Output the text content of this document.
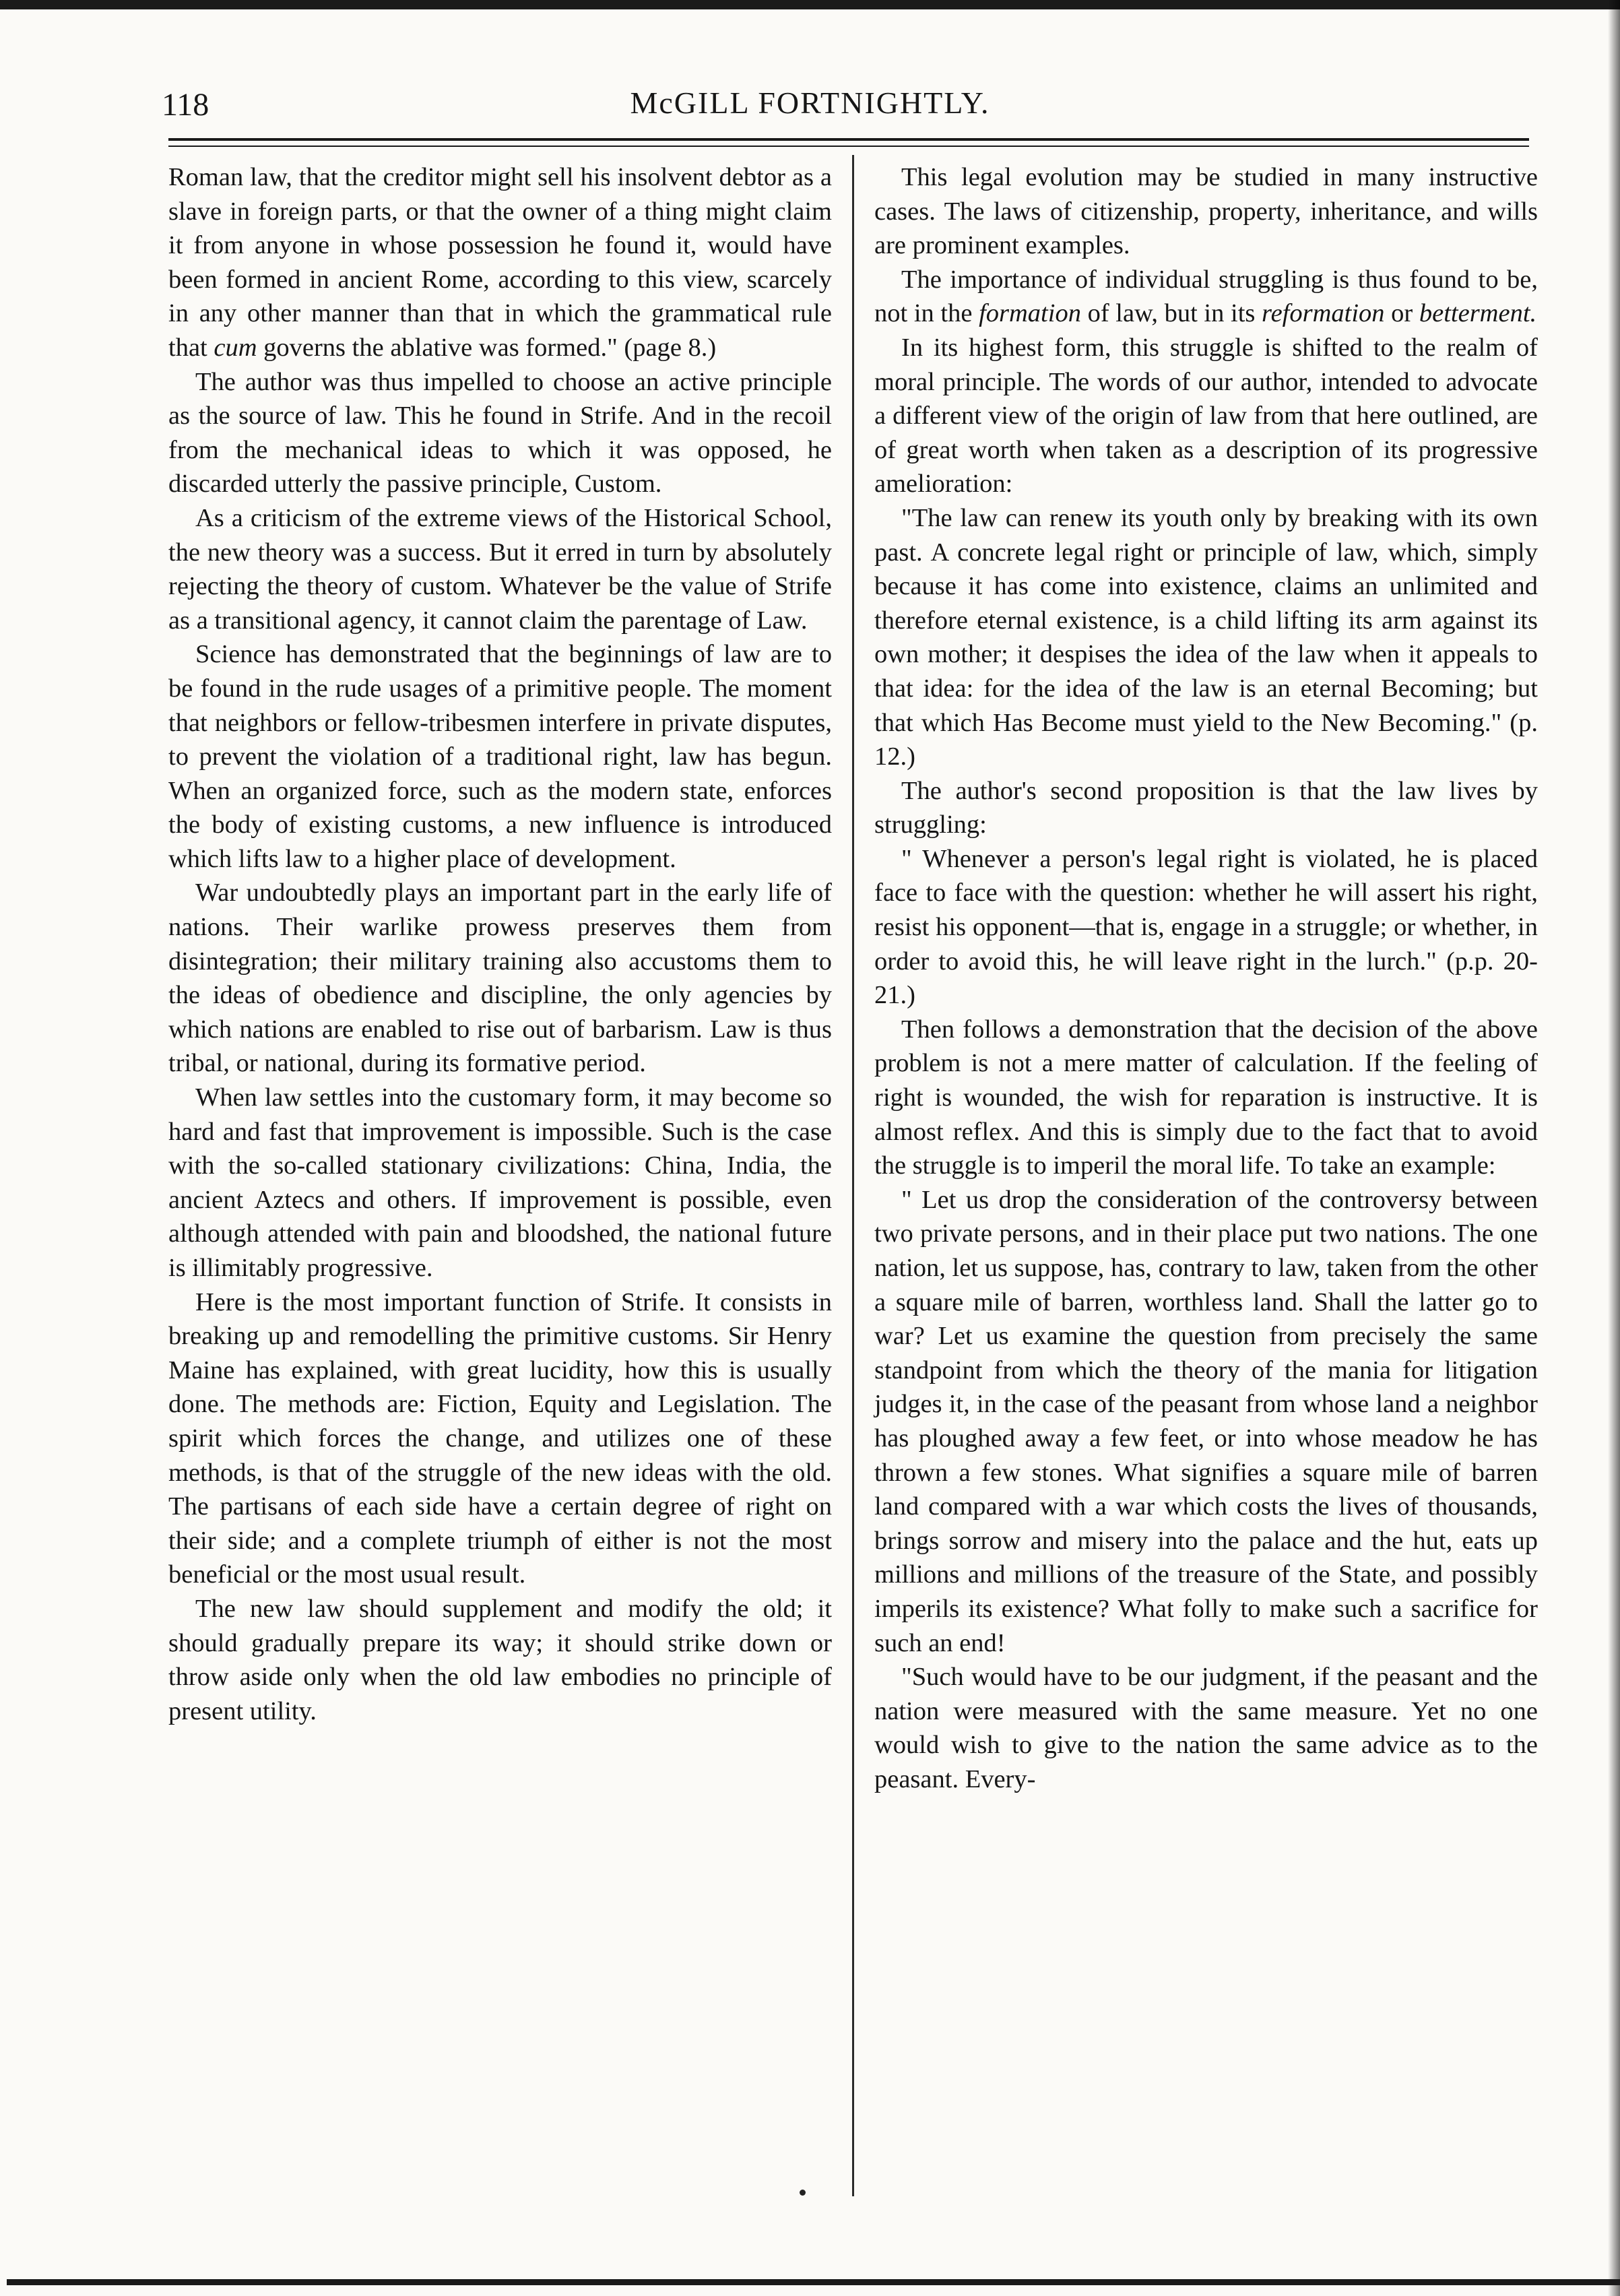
118	McGILL FORTNIGHTLY.

Roman law, that the creditor might sell his insolvent debtor as a slave in foreign parts, or that the owner of a thing might claim it from anyone in whose possession he found it, would have been formed in ancient Rome, according to this view, scarcely in any other manner than that in which the grammatical rule that cum governs the ablative was formed." (page 8.)

The author was thus impelled to choose an active principle as the source of law. This he found in Strife. And in the recoil from the mechanical ideas to which it was opposed, he discarded utterly the passive principle, Custom.

As a criticism of the extreme views of the Historical School, the new theory was a success. But it erred in turn by absolutely rejecting the theory of custom. Whatever be the value of Strife as a transitional agency, it cannot claim the parentage of Law.

Science has demonstrated that the beginnings of law are to be found in the rude usages of a primitive people. The moment that neighbors or fellow-tribesmen interfere in private disputes, to prevent the violation of a traditional right, law has begun. When an organized force, such as the modern state, enforces the body of existing customs, a new influence is introduced which lifts law to a higher place of development.

War undoubtedly plays an important part in the early life of nations. Their warlike prowess preserves them from disintegration; their military training also accustoms them to the ideas of obedience and discipline, the only agencies by which nations are enabled to rise out of barbarism. Law is thus tribal, or national, during its formative period.

When law settles into the customary form, it may become so hard and fast that improvement is impossible. Such is the case with the so-called stationary civilizations: China, India, the ancient Aztecs and others. If improvement is possible, even although attended with pain and bloodshed, the national future is illimitably progressive.

Here is the most important function of Strife. It consists in breaking up and remodelling the primitive customs. Sir Henry Maine has explained, with great lucidity, how this is usually done. The methods are: Fiction, Equity and Legislation. The spirit which forces the change, and utilizes one of these methods, is that of the struggle of the new ideas with the old. The partisans of each side have a certain degree of right on their side; and a complete triumph of either is not the most beneficial or the most usual result.

The new law should supplement and modify the old; it should gradually prepare its way; it should strike down or throw aside only when the old law embodies no principle of present utility.

This legal evolution may be studied in many instructive cases. The laws of citizenship, property, inheritance, and wills are prominent examples.

The importance of individual struggling is thus found to be, not in the formation of law, but in its reformation or betterment.

In its highest form, this struggle is shifted to the realm of moral principle. The words of our author, intended to advocate a different view of the origin of law from that here outlined, are of great worth when taken as a description of its progressive amelioration:

"The law can renew its youth only by breaking with its own past. A concrete legal right or principle of law, which, simply because it has come into existence, claims an unlimited and therefore eternal existence, is a child lifting its arm against its own mother; it despises the idea of the law when it appeals to that idea: for the idea of the law is an eternal Becoming; but that which Has Become must yield to the New Becoming." (p. 12.)

The author's second proposition is that the law lives by struggling:

" Whenever a person's legal right is violated, he is placed face to face with the question: whether he will assert his right, resist his opponent—that is, engage in a struggle; or whether, in order to avoid this, he will leave right in the lurch." (p.p. 20-21.)

Then follows a demonstration that the decision of the above problem is not a mere matter of calculation. If the feeling of right is wounded, the wish for reparation is instructive. It is almost reflex. And this is simply due to the fact that to avoid the struggle is to imperil the moral life. To take an example:

" Let us drop the consideration of the controversy between two private persons, and in their place put two nations. The one nation, let us suppose, has, contrary to law, taken from the other a square mile of barren, worthless land. Shall the latter go to war? Let us examine the question from precisely the same standpoint from which the theory of the mania for litigation judges it, in the case of the peasant from whose land a neighbor has ploughed away a few feet, or into whose meadow he has thrown a few stones. What signifies a square mile of barren land compared with a war which costs the lives of thousands, brings sorrow and misery into the palace and the hut, eats up millions and millions of the treasure of the State, and possibly imperils its existence? What folly to make such a sacrifice for such an end!

"Such would have to be our judgment, if the peasant and the nation were measured with the same measure. Yet no one would wish to give to the nation the same advice as to the peasant. Every-
